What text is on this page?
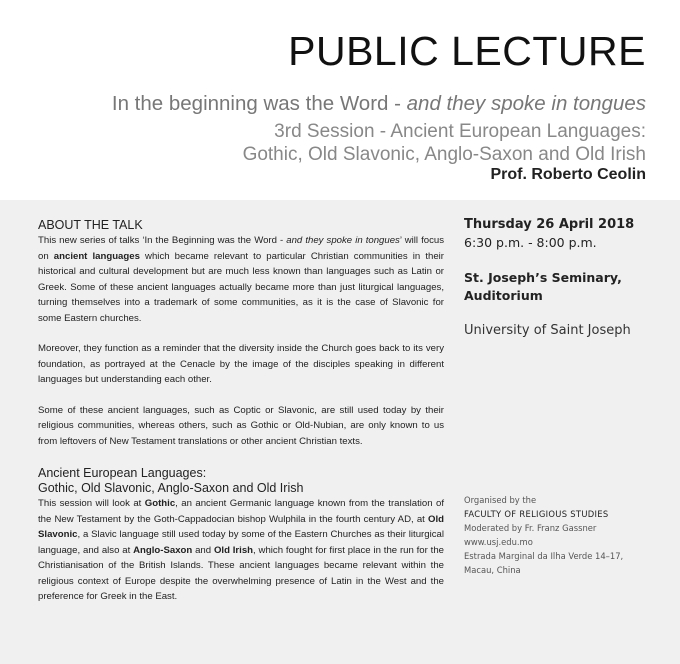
PUBLIC LECTURE
In the beginning was the Word - and they spoke in tongues
3rd Session - Ancient European Languages:
Gothic, Old Slavonic, Anglo-Saxon and Old Irish
Prof. Roberto Ceolin
ABOUT THE TALK

This new series of talks ‘In the Beginning was the Word - and they spoke in tongues’ will focus on ancient languages which became relevant to particular Christian communities in their historical and cultural development but are much less known than languages such as Latin or Greek. Some of these ancient languages actually became more than just liturgical languages, turning themselves into a trademark of some communities, as it is the case of Slavonic for some Eastern churches.

Moreover, they function as a reminder that the diversity inside the Church goes back to its very foundation, as portrayed at the Cenacle by the image of the disciples speaking in different languages but understanding each other.

Some of these ancient languages, such as Coptic or Slavonic, are still used today by their religious communities, whereas others, such as Gothic or Old-Nubian, are only known to us from leftovers of New Testament translations or other ancient Christian texts.

Ancient European Languages:
Gothic, Old Slavonic, Anglo-Saxon and Old Irish

This session will look at Gothic, an ancient Germanic language known from the translation of the New Testament by the Goth-Cappadocian bishop Wulphila in the fourth century AD, at Old Slavonic, a Slavic language still used today by some of the Eastern Churches as their liturgical language, and also at Anglo-Saxon and Old Irish, which fought for first place in the run for the Christianisation of the British Islands. These ancient languages became relevant within the religious context of Europe despite the overwhelming presence of Latin in the West and the preference for Greek in the East.

Thursday 26 April 2018
6:30 p.m. - 8:00 p.m.
St. Joseph’s Seminary,
Auditorium
University of Saint Joseph
Organised by the
FACULTY OF RELIGIOUS STUDIES
Moderated by Fr. Franz Gassner
www.usj.edu.mo
Estrada Marginal da Ilha Verde 14–17,
Macau, China
